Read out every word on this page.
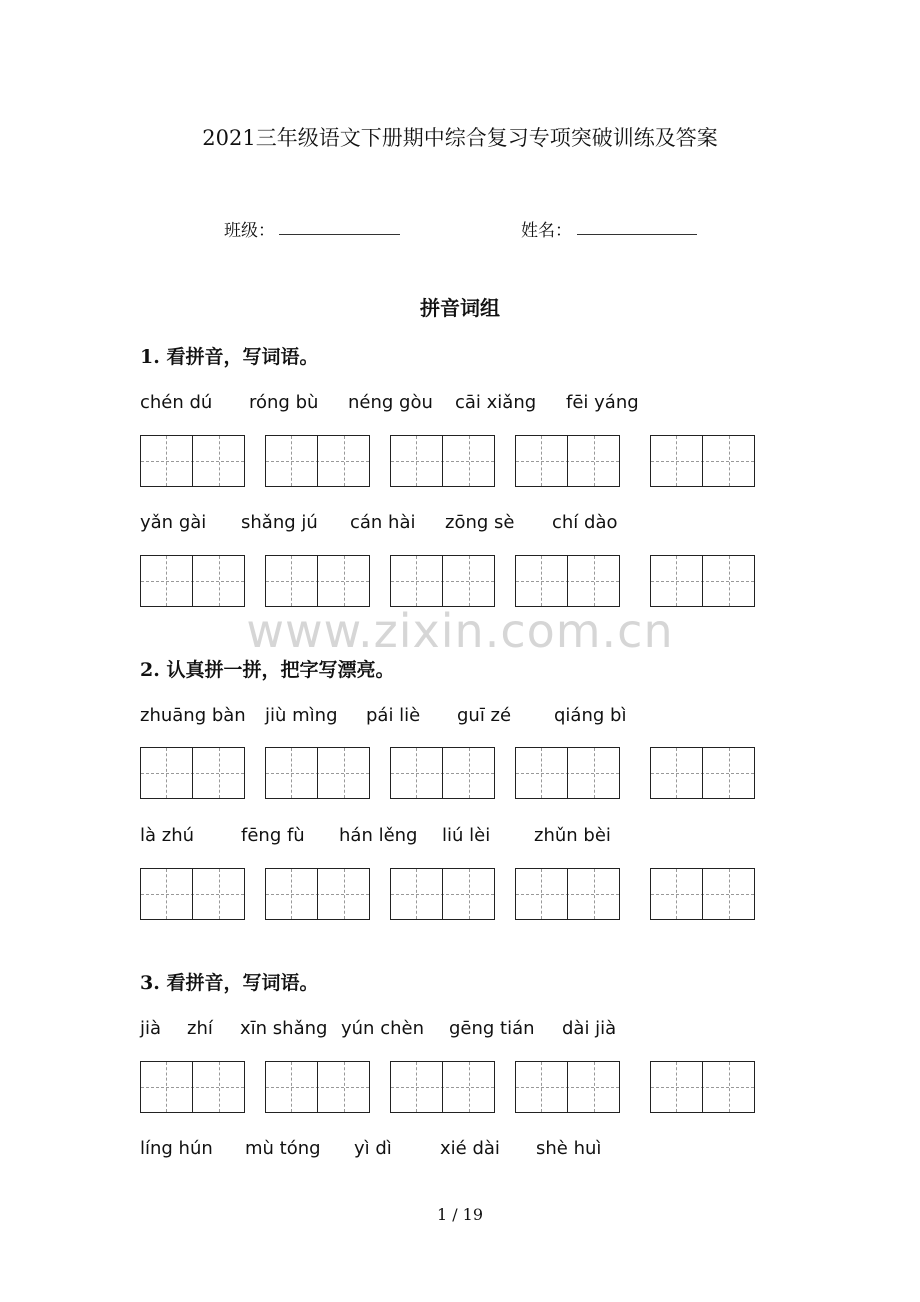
2021三年级语文下册期中综合复习专项突破训练及答案
班级：	姓名：
拼音词组
1. 看拼音，写词语。
chén dú róng bù néng gòu cāi xiǎng fēi yáng
yǎn gài shǎng jú cán hài zōng sè chí dào
www.zixin.com.cn
2. 认真拼一拼，把字写漂亮。
zhuāng bàn jiù mìng pái liè guī zé qiáng bì
là zhú	fēng fù hán lěng liú lèi zhǔn bèi
3. 看拼音，写词语。
jià zhí xīn shǎng yún chèn gēng tián dài jià
líng hún mù tóng yì dì	xié dài shè huì
1 / 19
